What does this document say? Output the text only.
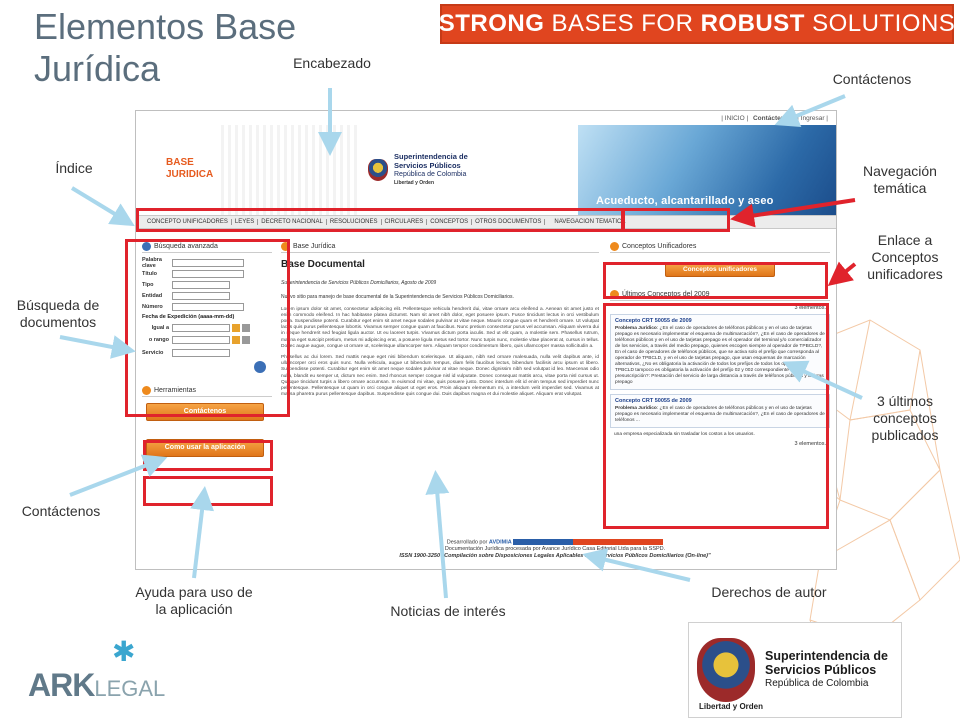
Elementos Base Jurídica
STRONG
BASES FOR
ROBUST
SOLUTIONS
| INICIO | Contáctenos | Ingresar |
BASE
JURIDICA
Superintendencia de
Servicios Públicos
República de Colombia
Libertad y Orden
Acueducto, alcantarillado y aseo
CONCEPTO UNIFICADORES	LEYES	DECRETO NACIONAL	RESOLUCIONES	CIRCULARES	CONCEPTOS	OTROS DOCUMENTOS	NAVEGACION TEMATICA
Búsqueda avanzada
Palabra clave
Título
Tipo
Entidad
Número
Fecha de Expedición (aaaa-mm-dd)
Igual a
o rango
Servicio
Herramientas
Contáctenos
Como usar la aplicación
Base Jurídica
Base Documental
Superintendencia de Servicios Públicos Domiciliarios, Agosto de 2009
Nuevo sitio para manejo de base documental de la Superintendencia de Servicios Públicos Domiciliarios.
Lorem ipsum dolor sit amet, consectetur adipiscing elit. Pellentesque vehicula hendrerit dui, vitae ornare arcu eleifend a. Aenean sit amet justo et enim commodo eleifend. In hac habitasse platea dictumst. Nam sit amet nibh dolor, eget posuere ipsum. Fusce tincidunt lectus in orci vestibulum porta. Suspendisse potenti. Curabitur eget enim sit amet neque sodales pulvinar at vitae neque. Mauris congue quam et hendrerit ornare. Ut volutpat lacus quis purus pellentesque lobortis. Vivamus semper congue quam at faucibus. Nunc pretium consectetur purus vel accumsan. Aliquam viverra dui in neque hendrerit sed feugiat ligula auctor. Ut eu laoreet turpis. Vivamus dictum porta iaculis. Sed ut elit quam, a molestie sem. Phasellus rutrum, magna eget suscipit pretium, metus mi adipiscing erat, a posuere ligula metus sed tortor. Nunc turpis nunc, molestie vitae placerat at, cursus in tellus. Donec augue augue, congue ut ornare ut, scelerisque ullamcorper sem. Aliquam tempor condimentum libero, quis ullamcorper massa sollicitudin a.
Phasellus ac dui lorem. Sed mattis neque eget nisi bibendum scelerisque. Ut aliquam, nibh sed ornare malesuada, nulla velit dapibus ante, id ullamcorper orci eros quis nunc. Nulla vehicula, augue ut bibendum tempus, diam felis faucibus lectus, bibendum facilisis arcu ipsum ut libero. Suspendisse potenti. Curabitur eget enim sit amet neque sodales pulvinar at vitae neque. Donec dignissim nibh sed volutpat id leo. Maecenas odio nulla, blandit eu semper ut, dictum nec enim. Sed rhoncus semper congue nisl id vulputate. Donec consequat mattis arcu, vitae porta nisl cursus ut. Quisque tincidunt turpis a libero ornare accumsan. In euismod mi vitae, quis posuere justo. Donec interdum elit id enim tempus sed imperdiet nunc pellentesque. Pellentesque ut quam in orci congue aliquet ut eget eros. Proin aliquam elementum mi, a interdum velit imperdiet sed. Vivamus at massa pharetra purus pellentesque dapibus. Suspendisse quis congue dui. Duis dapibus magna et dui molestie aliquet. Aliquam erat volutpat.
Conceptos Unificadores
Conceptos unificadores
Últimos Conceptos del 2009
3 elementos.
Concepto CRT 50055 de 2009
Problema Jurídico: ¿En el caso de operadores de teléfonos públicos y en el uso de tarjetas prepago es necesario implementar el esquema de multimarcación?, ¿En el caso de operadores de teléfonos públicos y en el uso de tarjetas prepago es el operador del terminal y/o comercializador de los servicios, a través del medio prepago, quienes escogen siempre al operador de TPBCLD?, En el caso de operadores de teléfonos públicos, que se activa solo el prefijo que corresponda al operador de TPBCLD, y en el uso de tarjetas prepago, que usan esquemas de marcación alternativos, ¿No es obligatoria la activación de todos los prefijos de todos los operadores TPBCLD tampoco es obligatoria la activación del prefijo 02 y 002 correspondiente a la presuscripción?: Prestación del servicio de larga distancia a través de teléfonos públicos y tarjetas prepago
Concepto CRT 50055 de 2009
Problema Jurídico: ¿En el caso de operadores de teléfonos públicos y en el uso de tarjetas prepago es necesario implementar el esquema de multimarcación?, ¿En el caso de operadores de teléfonos ...
una empresa especializada sin trasladar los costos a los usuarios.
3 elementos.
Desarrollado por AVDIMIA
Documentación Jurídica procesada por Avance Jurídico Casa Editorial Ltda para la SSPD.
ISSN 1900-3250 "Compilación sobre Disposiciones Legales Aplicables a los Servicios Públicos Domiciliarios (On-line)"
Encabezado
Contáctenos
Índice	Navegación temática
Enlace a Conceptos unificadores
Búsqueda de documentos
3 últimos conceptos publicados
Contáctenos
Ayuda para uso de la aplicación	Noticias de interés
Derechos de autor
✱
ARKLEGAL
Superintendencia de
Servicios Públicos
República de Colombia
Libertad y Orden
